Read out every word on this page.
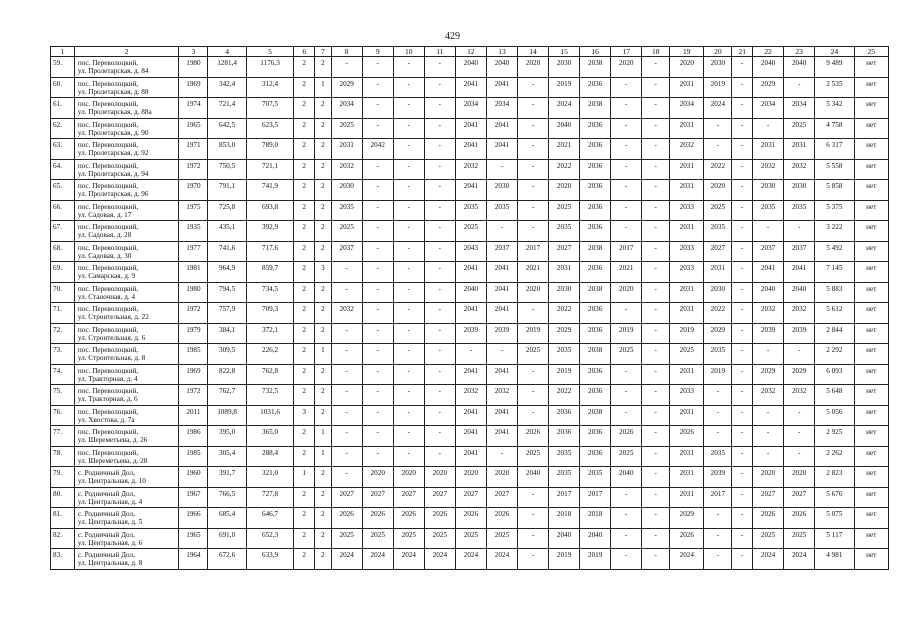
429
1	2	3	4	5	6	7	8	9	10	11	12	13	14	15	16	17	18	19	20	21	22	23	24	25
59.	пос. Переволоцкий,
ул. Пролетарская, д. 84	1980	1281,4	1176,3	2	2	-	-	-	-	2040	2040	2020	2030	2038	2020	-	2020	2030	-	2040	2040	9 489	нет
60.	пос. Переволоцкий,
ул. Пролетарская, д. 88	1969	342,4	312,4	2	1	2029	-	-	-	2041	2041	-	2019	2036	-	-	2031	2019	-	2029	-	2 535	нет
61.	пос. Переволоцкий,
ул. Пролетарская, д. 88а	1974	721,4	707,5	2	2	2034	-	-	-	2034	2034	-	2024	2038	-	-	2034	2024	-	2034	2034	5 342	нет
62.	пос. Переволоцкий,
ул. Пролетарская, д. 90	1965	642,5	623,5	2	2	2025	-	-	-	2041	2041	-	2040	2036	-	-	2031	-	-	-	2025	4 758	нет
63.	пос. Переволоцкий,
ул. Пролетарская, д. 92	1971	853,0	789,0	2	2	2031	2042	-	-	2041	2041	-	2021	2036	-	-	2032	-	-	2031	2031	6 317	нет
64.	пос. Переволоцкий,
ул. Пролетарская, д. 94	1972	750,5	721,1	2	2	2032	-	-	-	2032	-	-	2022	2036	-	-	2031	2022	-	2032	2032	5 558	нет
65.	пос. Переволоцкий,
ул. Пролетарская, д. 96	1970	791,1	741,9	2	2	2030	-	-	-	2041	2030	-	2020	2036	-	-	2031	2020	-	2030	2030	5 858	нет
66.	пос. Переволоцкий,
ул. Садовая, д. 17	1975	725,8	693,8	2	2	2035	-	-	-	2035	2035	-	2025	2036	-	-	2033	2025	-	2035	2035	5 375	нет
67.	пос. Переволоцкий,
ул. Садовая, д. 28	1935	435,1	392,9	2	2	2025	-	-	-	2025	-	-	2035	2036	-	-	2031	2035	-	-	-	3 222	нет
68.	пос. Переволоцкий,
ул. Садовая, д. 30	1977	741,6	717,6	2	2	2037	-	-	-	2043	2037	2017	2027	2038	2017	-	2033	2027	-	2037	2037	5 492	нет
69.	пос. Переволоцкий,
ул. Самарская, д. 9	1981	964,9	859,7	2	3	-	-	-	-	2041	2041	2021	2031	2036	2021	-	2033	2031	-	2041	2041	7 145	нет
70.	пос. Переволоцкий,
ул. Станочная, д. 4	1980	794,5	734,5	2	2	-	-	-	-	2040	2041	2020	2030	2038	2020	-	2031	2030	-	2040	2040	5 883	нет
71.	пос. Переволоцкий,
ул. Строительная, д. 22	1972	757,9	709,3	2	2	2032	-	-	-	2041	2041	-	2022	2036	-	-	2031	2022	-	2032	2032	5 612	нет
72.	пос. Переволоцкий,
ул. Строительная, д. 6	1979	384,1	372,1	2	2	-	-	-	-	2039	2039	2019	2029	2036	2019	-	2019	2029	-	2039	2039	2 844	нет
73.	пос. Переволоцкий,
ул. Строительная, д. 8	1985	309,5	226,2	2	1	-	-	-	-	-	-	2025	2035	2038	2025	-	2025	2035	-	-	-	2 292	нет
74.	пос. Переволоцкий,
ул. Тракторная, д. 4	1969	822,8	762,8	2	2	-	-	-	-	2041	2041	-	2019	2036	-	-	2031	2019	-	2029	2029	6 093	нет
75.	пос. Переволоцкий,
ул. Тракторная, д. 6	1972	762,7	732,5	2	2	-	-	-	-	2032	2032	-	2022	2036	-	-	2033	-	-	2032	2032	5 648	нет
76.	пос. Переволоцкий,
ул. Хвостова, д. 7а	2011	1089,8	1031,6	3	2	-	-	-	-	2041	2041	-	2036	2038	-	-	2031	-	-	-	-	5 056	нет
77.	пос. Переволоцкий,
ул. Шереметьева, д. 26	1986	395,0	365,0	2	1	-	-	-	-	2041	2041	2026	2036	2036	2026	-	2026	-	-	-	-	2 925	нет
78.	пос. Переволоцкий,
ул. Шереметьева, д. 28	1985	305,4	288,4	2	1	-	-	-	-	2041	-	2025	2035	2036	2025	-	2031	2035	-	-	-	2 262	нет
79.	с. Родничный Дол,
ул. Центральная, д. 10	1960	391,7	321,0	1	2	-	2020	2020	2020	2020	2020	2040	2035	2035	2040	-	2031	2039	-	2020	2020	2 823	нет
80.	с. Родничный Дол,
ул. Центральная, д. 4	1967	766,5	727,8	2	2	2027	2027	2027	2027	2027	2027	-	2017	2017	-	-	2031	2017	-	2027	2027	5 676	нет
81.	с. Родничный Дол,
ул. Центральная, д. 5	1966	685,4	646,7	2	2	2026	2026	2026	2026	2026	2026	-	2018	2018	-	-	2029	-	-	2026	2026	5 075	нет
82.	с. Родничный Дол,
ул. Центральная, д. 6	1965	691,0	652,3	2	2	2025	2025	2025	2025	2025	2025	-	2040	2040	-	-	2026	-	-	2025	2025	5 117	нет
83.	с. Родничный Дол,
ул. Центральная, д. 8	1964	672,6	633,9	2	2	2024	2024	2024	2024	2024	2024	-	2019	2019	-	-	2024	-	-	2024	2024	4 981	нет
